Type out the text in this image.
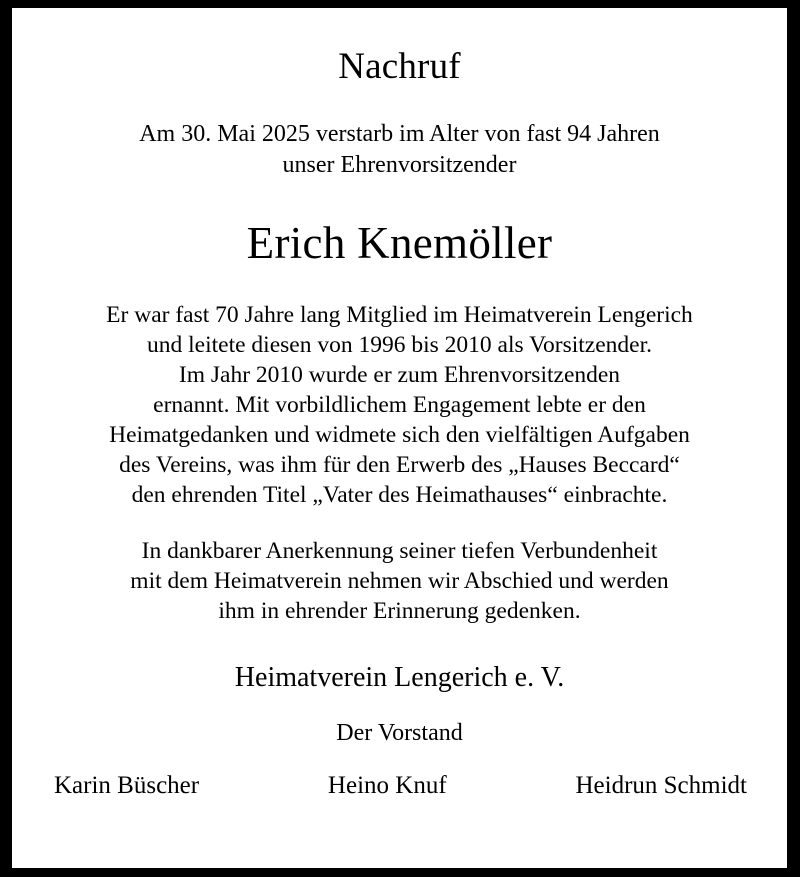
Nachruf
Am 30. Mai 2025 verstarb im Alter von fast 94 Jahren
unser Ehrenvorsitzender
Erich Knemöller
Er war fast 70 Jahre lang Mitglied im Heimatverein Lengerich
und leitete diesen von 1996 bis 2010 als Vorsitzender.
Im Jahr 2010 wurde er zum Ehrenvorsitzenden
ernannt. Mit vorbildlichem Engagement lebte er den
Heimatgedanken und widmete sich den vielfältigen Aufgaben
des Vereins, was ihm für den Erwerb des „Hauses Beccard“
den ehrenden Titel „Vater des Heimathauses“ einbrachte.
In dankbarer Anerkennung seiner tiefen Verbundenheit
mit dem Heimatverein nehmen wir Abschied und werden
ihm in ehrender Erinnerung gedenken.
Heimatverein Lengerich e. V.
Der Vorstand
Karin Büscher	Heino Knuf	Heidrun Schmidt
